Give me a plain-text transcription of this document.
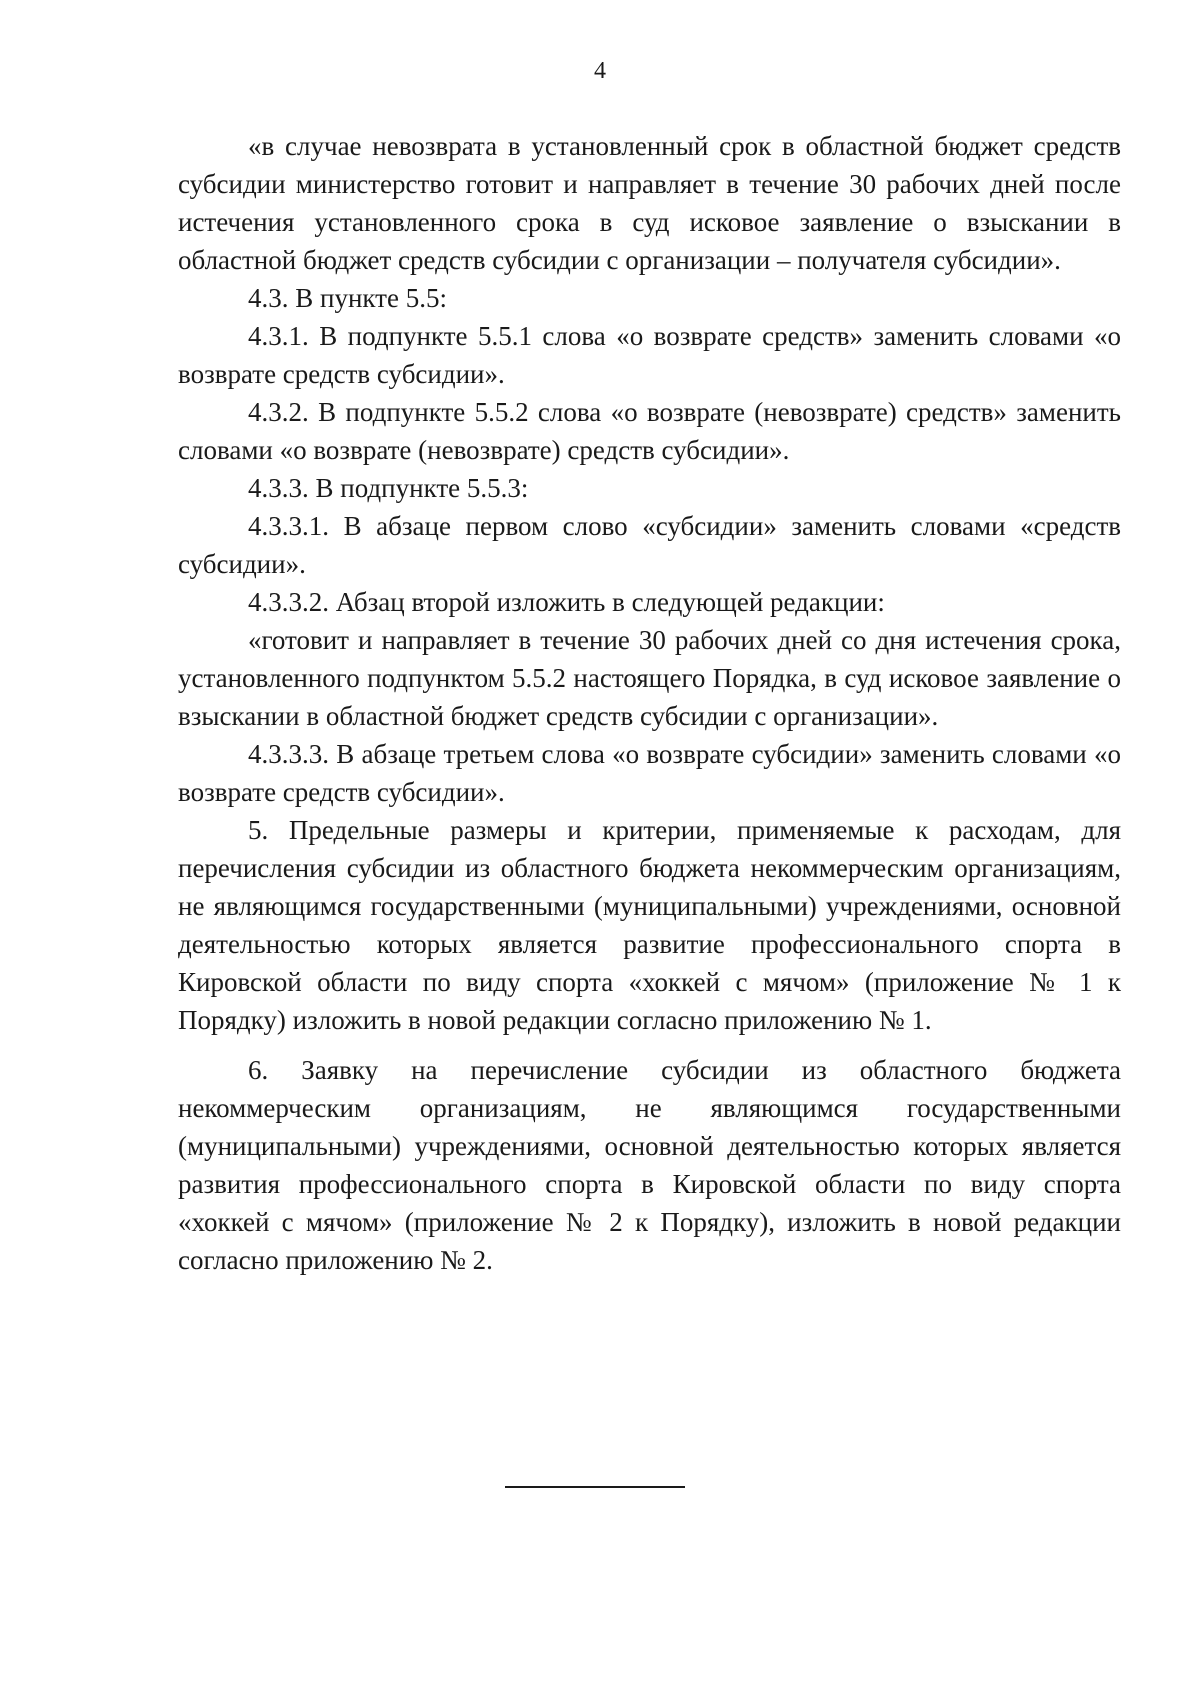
4

«в случае невозврата в установленный срок в областной бюджет средств субсидии министерство готовит и направляет в течение 30 рабочих дней после истечения установленного срока в суд исковое заявление о взыскании в областной бюджет средств субсидии с организации – получателя субсидии».

4.3. В пункте 5.5:

4.3.1. В подпункте 5.5.1 слова «о возврате средств» заменить словами «о возврате средств субсидии».

4.3.2. В подпункте 5.5.2 слова «о возврате (невозврате) средств» заменить словами «о возврате (невозврате) средств субсидии».

4.3.3. В подпункте 5.5.3:

4.3.3.1. В абзаце первом слово «субсидии» заменить словами «средств субсидии».

4.3.3.2. Абзац второй изложить в следующей редакции:

«готовит и направляет в течение 30 рабочих дней со дня истечения срока, установленного подпунктом 5.5.2 настоящего Порядка, в суд исковое заявление о взыскании в областной бюджет средств субсидии с организации».

4.3.3.3. В абзаце третьем слова «о возврате субсидии» заменить словами «о возврате средств субсидии».

5. Предельные размеры и критерии, применяемые к расходам, для перечисления субсидии из областного бюджета некоммерческим организациям, не являющимся государственными (муниципальными) учреждениями, основной деятельностью которых является развитие профессионального спорта в Кировской области по виду спорта «хоккей с мячом» (приложение № 1 к Порядку) изложить в новой редакции согласно приложению № 1.

6. Заявку на перечисление субсидии из областного бюджета некоммерческим организациям, не являющимся государственными (муниципальными) учреждениями, основной деятельностью которых является развития профессионального спорта в Кировской области по виду спорта «хоккей с мячом» (приложение № 2 к Порядку), изложить в новой редакции согласно приложению № 2.
